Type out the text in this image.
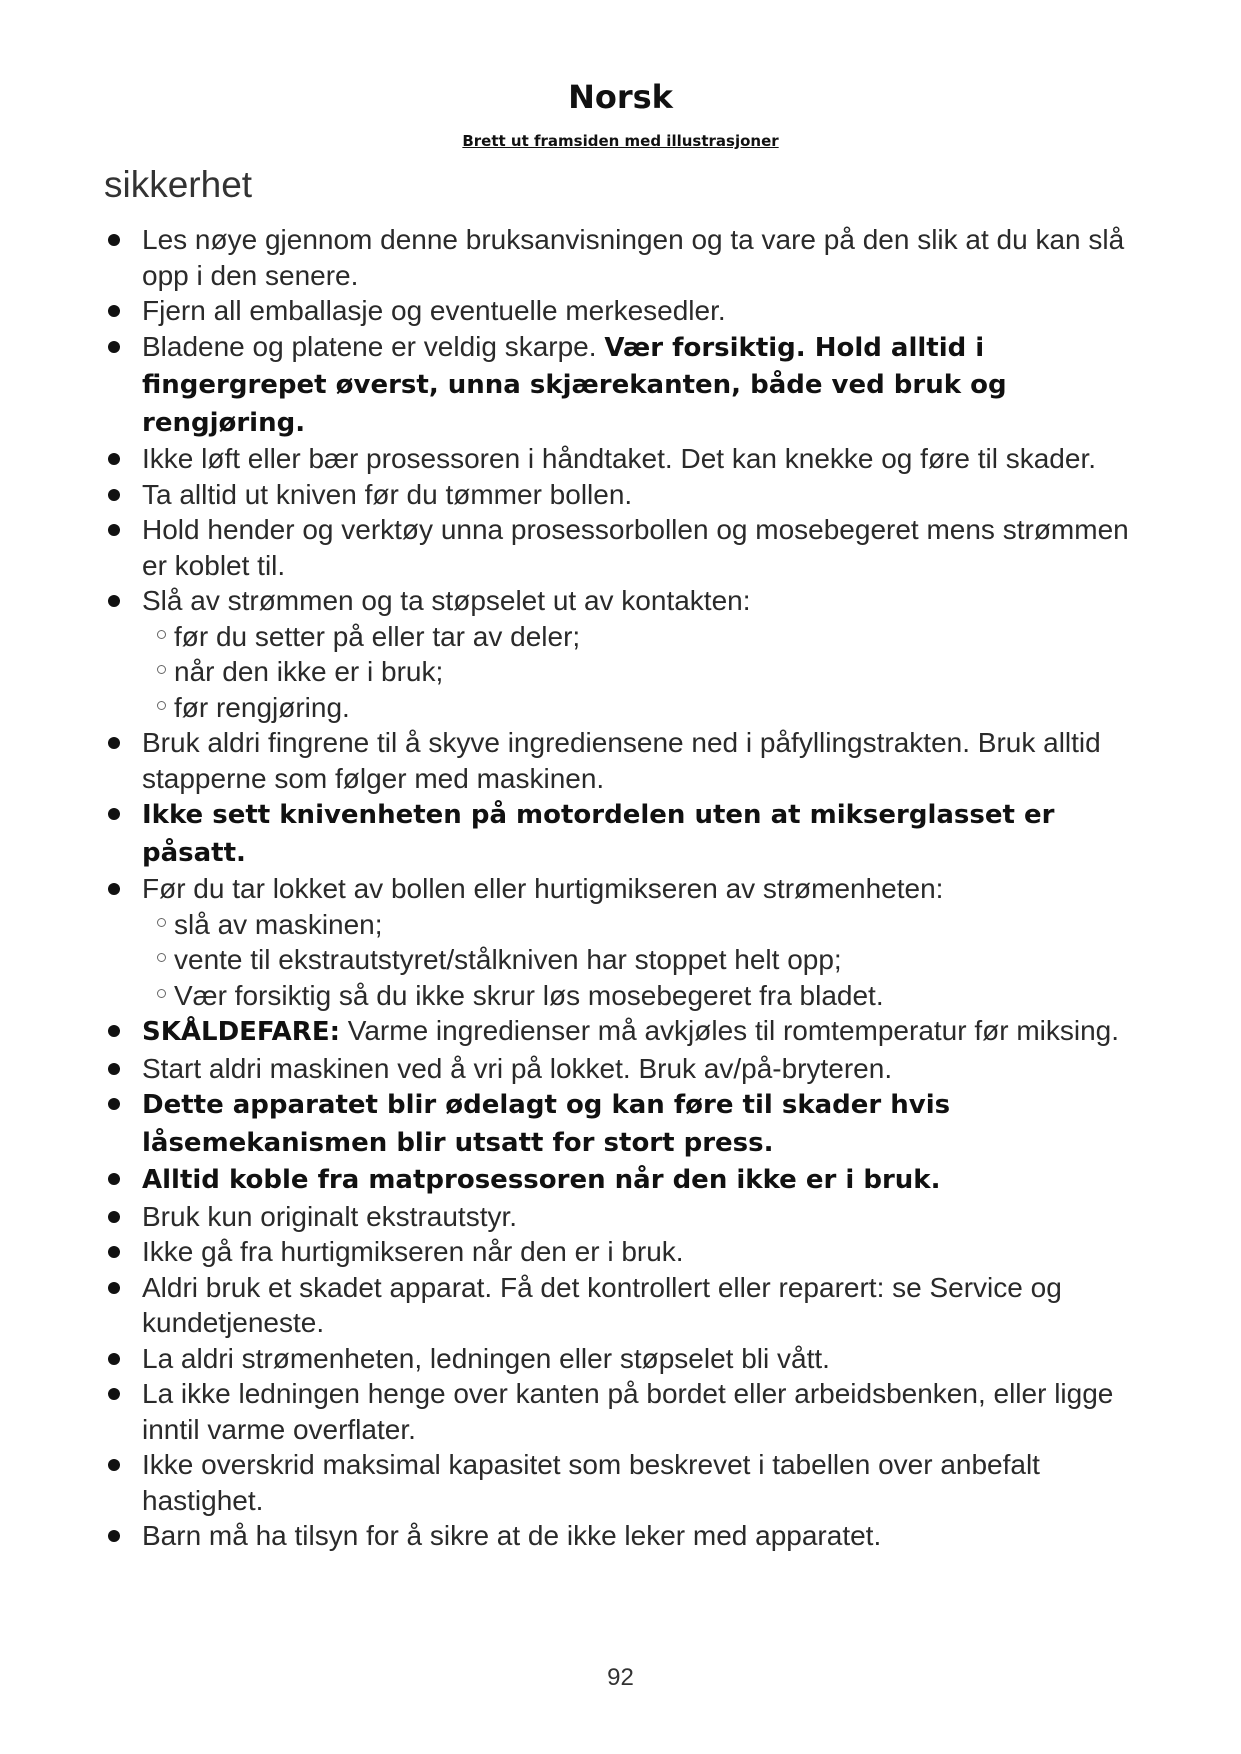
Norsk
Brett ut framsiden med illustrasjoner
sikkerhet
Les nøye gjennom denne bruksanvisningen og ta vare på den slik at du kan slå opp i den senere.
Fjern all emballasje og eventuelle merkesedler.
Bladene og platene er veldig skarpe. Vær forsiktig. Hold alltid i fingergrepet øverst, unna skjærekanten, både ved bruk og rengjøring.
Ikke løft eller bær prosessoren i håndtaket. Det kan knekke og føre til skader.
Ta alltid ut kniven før du tømmer bollen.
Hold hender og verktøy unna prosessorbollen og mosebegeret mens strømmen er koblet til.
Slå av strømmen og ta støpselet ut av kontakten:
før du setter på eller tar av deler;
når den ikke er i bruk;
før rengjøring.
Bruk aldri fingrene til å skyve ingrediensene ned i påfyllingstrakten. Bruk alltid stapperne som følger med maskinen.
Ikke sett knivenheten på motordelen uten at mikserglasset er påsatt.
Før du tar lokket av bollen eller hurtigmikseren av strømenheten:
slå av maskinen;
vente til ekstrautstyret/stålkniven har stoppet helt opp;
Vær forsiktig så du ikke skrur løs mosebegeret fra bladet.
SKÅLDEFARE: Varme ingredienser må avkjøles til romtemperatur før miksing.
Start aldri maskinen ved å vri på lokket. Bruk av/på-bryteren.
Dette apparatet blir ødelagt og kan føre til skader hvis låsemekanismen blir utsatt for stort press.
Alltid koble fra matprosessoren når den ikke er i bruk.
Bruk kun originalt ekstrautstyr.
Ikke gå fra hurtigmikseren når den er i bruk.
Aldri bruk et skadet apparat. Få det kontrollert eller reparert: se Service og kundetjeneste.
La aldri strømenheten, ledningen eller støpselet bli vått.
La ikke ledningen henge over kanten på bordet eller arbeidsbenken, eller ligge inntil varme overflater.
Ikke overskrid maksimal kapasitet som beskrevet i tabellen over anbefalt hastighet.
Barn må ha tilsyn for å sikre at de ikke leker med apparatet.
92
